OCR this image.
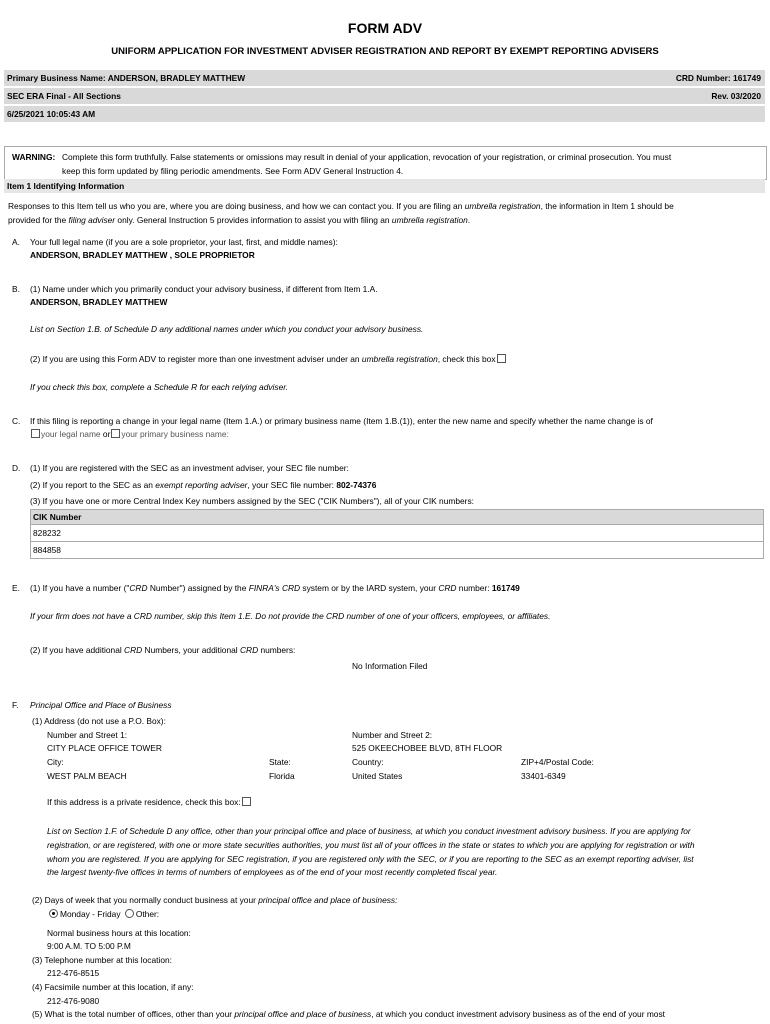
FORM ADV
UNIFORM APPLICATION FOR INVESTMENT ADVISER REGISTRATION AND REPORT BY EXEMPT REPORTING ADVISERS
Primary Business Name: ANDERSON, BRADLEY MATTHEW	CRD Number: 161749
SEC ERA Final - All Sections	Rev. 03/2020
6/25/2021 10:05:43 AM
WARNING: Complete this form truthfully. False statements or omissions may result in denial of your application, revocation of your registration, or criminal prosecution. You must
keep this form updated by filing periodic amendments. See Form ADV General Instruction 4.
Item 1 Identifying Information
Responses to this Item tell us who you are, where you are doing business, and how we can contact you. If you are filing an umbrella registration, the information in Item 1 should be
provided for the filing adviser only. General Instruction 5 provides information to assist you with filing an umbrella registration.
A. Your full legal name (if you are a sole proprietor, your last, first, and middle names):
ANDERSON, BRADLEY MATTHEW , SOLE PROPRIETOR
B. (1) Name under which you primarily conduct your advisory business, if different from Item 1.A.
ANDERSON, BRADLEY MATTHEW
List on Section 1.B. of Schedule D any additional names under which you conduct your advisory business.
(2) If you are using this Form ADV to register more than one investment adviser under an umbrella registration, check this box
If you check this box, complete a Schedule R for each relying adviser.
C. If this filing is reporting a change in your legal name (Item 1.A.) or primary business name (Item 1.B.(1)), enter the new name and specify whether the name change is of
your legal name or your primary business name:
D. (1) If you are registered with the SEC as an investment adviser, your SEC file number:
(2) If you report to the SEC as an exempt reporting adviser, your SEC file number: 802-74376
(3) If you have one or more Central Index Key numbers assigned by the SEC ("CIK Numbers"), all of your CIK numbers:
CIK Number
828232
884858
E. (1) If you have a number ("CRD Number") assigned by the FINRA's CRD system or by the IARD system, your CRD number: 161749
If your firm does not have a CRD number, skip this Item 1.E. Do not provide the CRD number of one of your officers, employees, or affiliates.
(2) If you have additional CRD Numbers, your additional CRD numbers:
No Information Filed
F. Principal Office and Place of Business
(1) Address (do not use a P.O. Box):
Number and Street 1:	Number and Street 2:
CITY PLACE OFFICE TOWER	525 OKEECHOBEE BLVD, 8TH FLOOR
City:	State:	Country:	ZIP+4/Postal Code:
WEST PALM BEACH	Florida	United States	33401-6349
If this address is a private residence, check this box:
List on Section 1.F. of Schedule D any office, other than your principal office and place of business, at which you conduct investment advisory business. If you are applying for
registration, or are registered, with one or more state securities authorities, you must list all of your offices in the state or states to which you are applying for registration or with
whom you are registered. If you are applying for SEC registration, if you are registered only with the SEC, or if you are reporting to the SEC as an exempt reporting adviser, list
the largest twenty-five offices in terms of numbers of employees as of the end of your most recently completed fiscal year.
(2) Days of week that you normally conduct business at your principal office and place of business:
Monday - Friday Other:
Normal business hours at this location:
9:00 A.M. TO 5:00 P.M
(3) Telephone number at this location:
212-476-8515
(4) Facsimile number at this location, if any:
212-476-9080
(5) What is the total number of offices, other than your principal office and place of business, at which you conduct investment advisory business as of the end of your most
